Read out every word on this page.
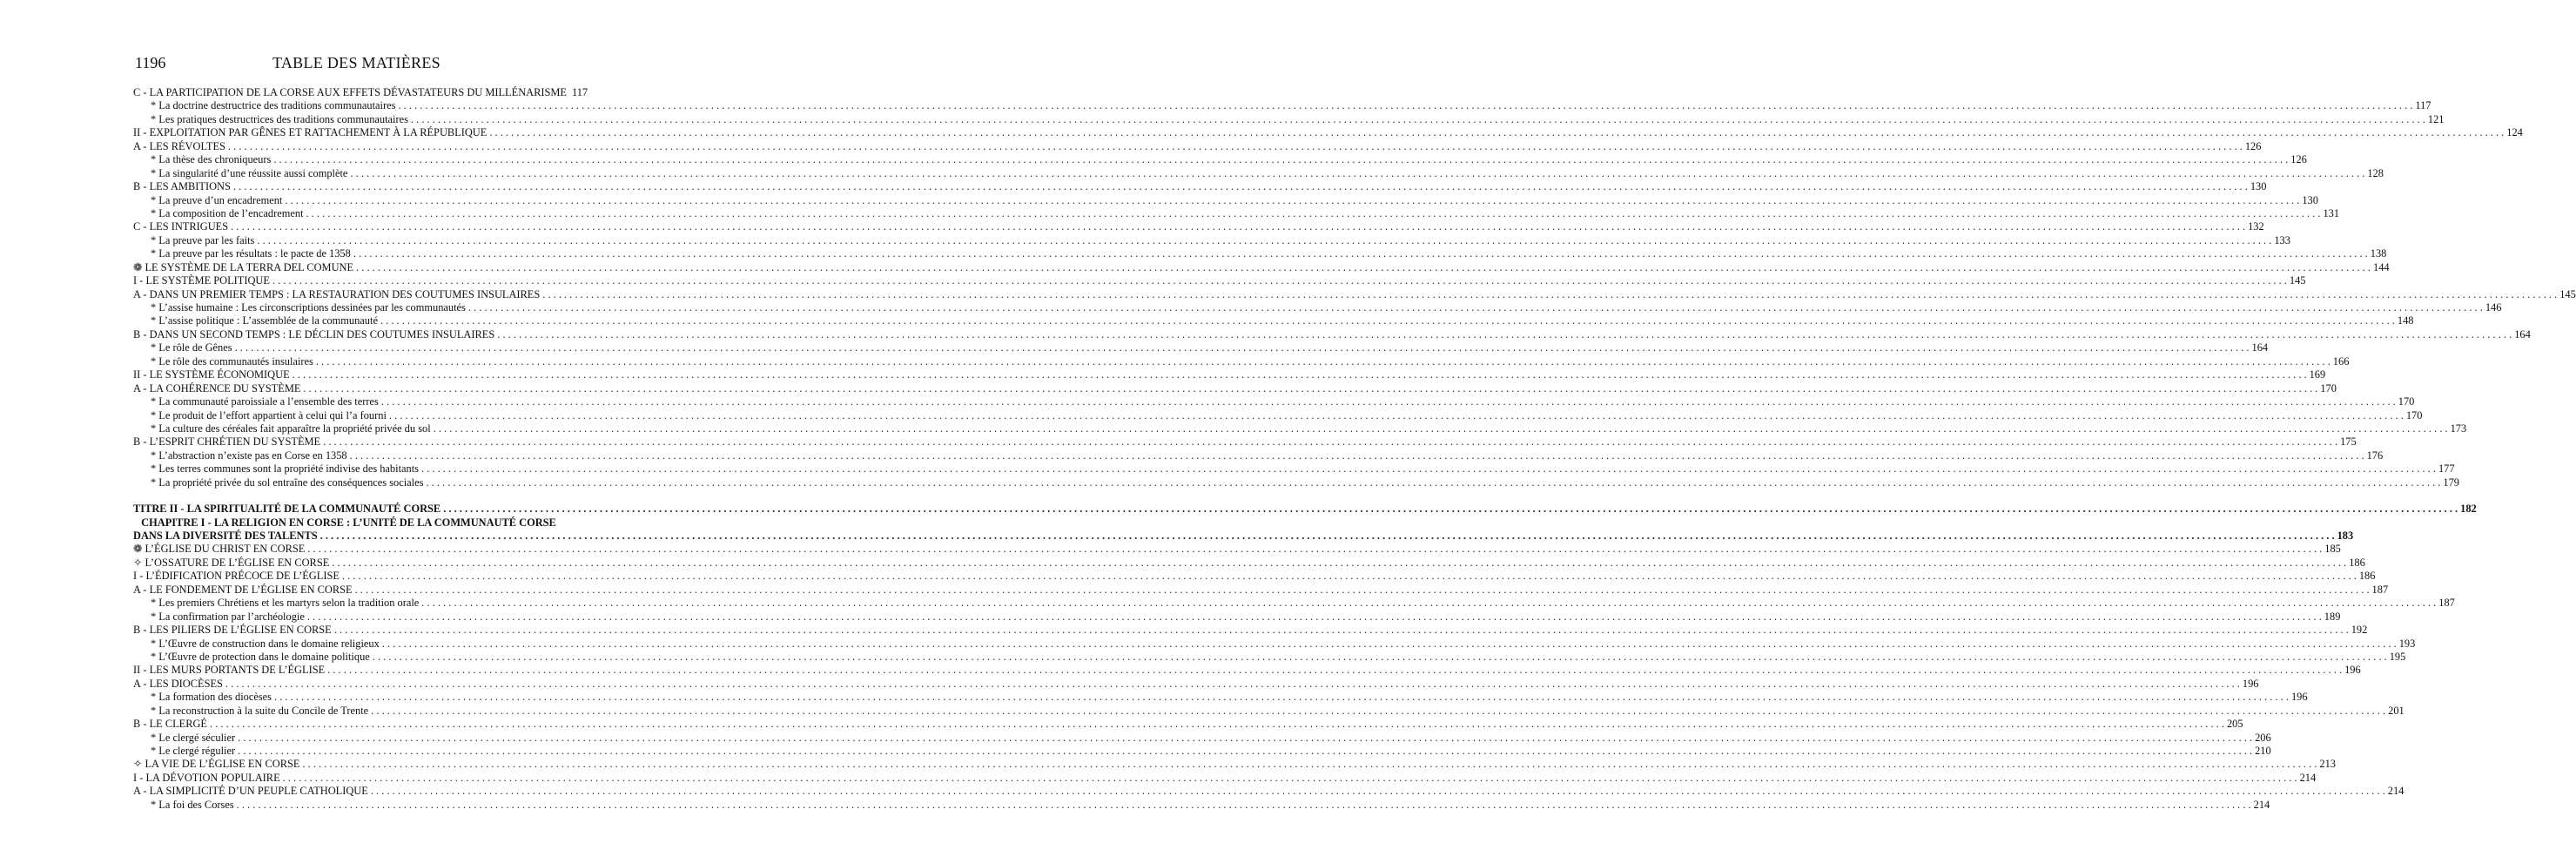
1196	TABLE DES MATIÈRES
C - LA PARTICIPATION DE LA CORSE AUX EFFETS DÉVASTATEURS DU MILLÉNARISME 117
* La doctrine destructrice des traditions communautaires . . .	117
* Les pratiques destructrices des traditions communautaires . . .	121
II - EXPLOITATION PAR GÊNES ET RATTACHEMENT À LA RÉPUBLIQUE . . .	124
A - LES RÉVOLTES . . .	126
* La thèse des chroniqueurs . . .	126
* La singularité d’une réussite aussi complète . . .	128
B - LES AMBITIONS . . .	130
* La preuve d’un encadrement . . .	130
* La composition de l’encadrement . . .	131
C - LES INTRIGUES . . .	132
* La preuve par les faits . . .	133
* La preuve par les résultats : le pacte de 1358 . . .	138
❁ LE SYSTÈME DE LA TERRA DEL COMUNE . . .	144
I - LE SYSTÈME POLITIQUE . . .	145
A - DANS UN PREMIER TEMPS : LA RESTAURATION DES COUTUMES INSULAIRES . . .	145
* L’assise humaine : Les circonscriptions dessinées par les communautés . . .	146
* L’assise politique : L’assemblée de la communauté . . .	148
B - DANS UN SECOND TEMPS : LE DÉCLIN DES COUTUMES INSULAIRES . . .	164
* Le rôle de Gênes . . .	164
* Le rôle des communautés insulaires . . .	166
II - LE SYSTÈME ÉCONOMIQUE . . .	169
A - LA COHÉRENCE DU SYSTÈME . . .	170
* La communauté paroissiale a l’ensemble des terres . . .	170
* Le produit de l’effort appartient à celui qui l’a fourni . . .	170
* La culture des céréales fait apparaître la propriété privée du sol . . .	173
B - L’ESPRIT CHRÉTIEN DU SYSTÈME . . .	175
* L’abstraction n’existe pas en Corse en 1358 . . .	176
* Les terres communes sont la propriété indivise des habitants . . .	177
* La propriété privée du sol entraîne des conséquences sociales . . .	179
TITRE II - LA SPIRITUALITÉ DE LA COMMUNAUTÉ CORSE . . .	182
CHAPITRE I - LA RELIGION EN CORSE : L’UNITÉ DE LA COMMUNAUTÉ CORSE
DANS LA DIVERSITÉ DES TALENTS . . .	183
❁ L’ÉGLISE DU CHRIST EN CORSE . . .	185
✧ L’OSSATURE DE L’ÉGLISE EN CORSE . . .	186
I - L’ÉDIFICATION PRÉCOCE DE L’ÉGLISE . . .	186
A - LE FONDEMENT DE L’ÉGLISE EN CORSE . . .	187
* Les premiers Chrétiens et les martyrs selon la tradition orale . . .	187
* La confirmation par l’archéologie . . .	189
B - LES PILIERS DE L’ÉGLISE EN CORSE . . .	192
* L’Œuvre de construction dans le domaine religieux . . .	193
* L’Œuvre de protection dans le domaine politique . . .	195
II - LES MURS PORTANTS DE L’ÉGLISE . . .	196
A - LES DIOCÈSES . . .	196
* La formation des diocèses . . .	196
* La reconstruction à la suite du Concile de Trente . . .	201
B - LE CLERGÉ . . .	205
* Le clergé séculier . . .	206
* Le clergé régulier . . .	210
✧ LA VIE DE L’ÉGLISE EN CORSE . . .	213
I - LA DÉVOTION POPULAIRE . . .	214
A - LA SIMPLICITÉ D’UN PEUPLE CATHOLIQUE . . .	214
* La foi des Corses . . .	214
